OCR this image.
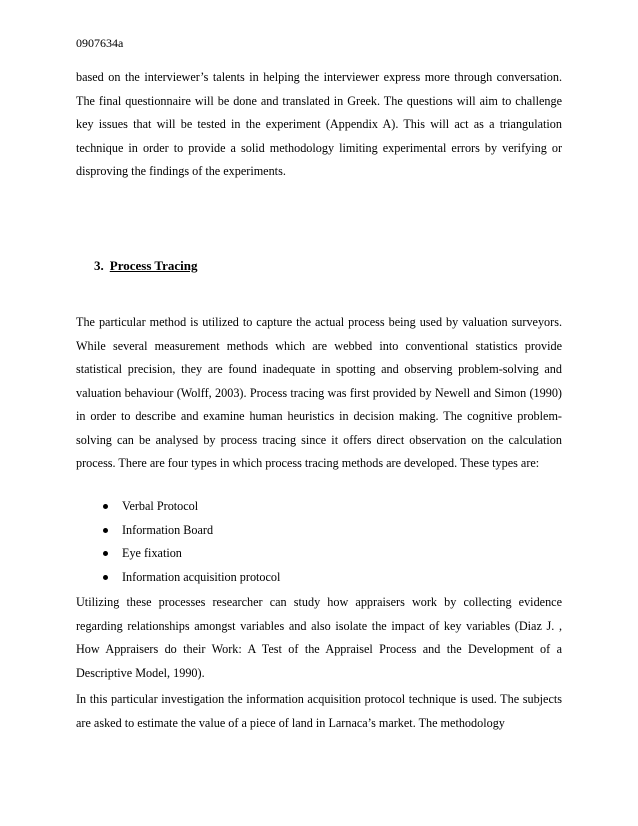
0907634a

based on the interviewer’s talents in helping the interviewer express more through conversation. The final questionnaire will be done and translated in Greek. The questions will aim to challenge key issues that will be tested in the experiment (Appendix A). This will act as a triangulation technique in order to provide a solid methodology limiting experimental errors by verifying or disproving the findings of the experiments.

3. Process Tracing

The particular method is utilized to capture the actual process being used by valuation surveyors. While several measurement methods which are webbed into conventional statistics provide statistical precision, they are found inadequate in spotting and observing problem-solving and valuation behaviour (Wolff, 2003). Process tracing was first provided by Newell and Simon (1990) in order to describe and examine human heuristics in decision making. The cognitive problem-solving can be analysed by process tracing since it offers direct observation on the calculation process. There are four types in which process tracing methods are developed. These types are:

Verbal Protocol
Information Board
Eye fixation
Information acquisition protocol

Utilizing these processes researcher can study how appraisers work by collecting evidence regarding relationships amongst variables and also isolate the impact of key variables (Diaz J. , How Appraisers do their Work: A Test of the Appraisel Process and the Development of a Descriptive Model, 1990).

In this particular investigation the information acquisition protocol technique is used. The subjects are asked to estimate the value of a piece of land in Larnaca’s market. The methodology
